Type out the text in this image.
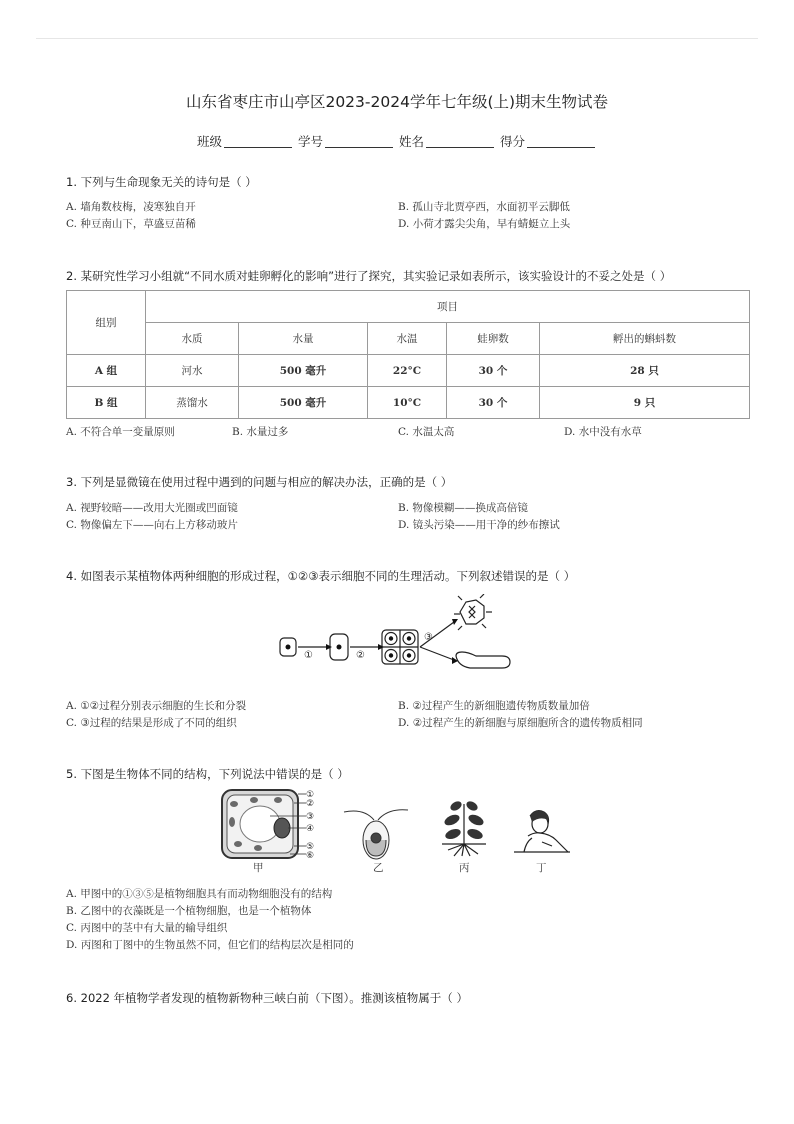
山东省枣庄市山亭区2023-2024学年七年级(上)期末生物试卷
班级	学号	姓名	得分
1. 下列与生命现象无关的诗句是（ ）
A. 墙角数枝梅，凌寒独自开	B. 孤山寺北贾亭西，水面初平云脚低
C. 种豆南山下，草盛豆苗稀	D. 小荷才露尖尖角，早有蜻蜓立上头
2. 某研究性学习小组就“不同水质对蛙卵孵化的影响”进行了探究，其实验记录如表所示，该实验设计的不妥之处是（ ）
组别	项目				
	水质	水量	水温	蛙卵数	孵出的蝌蚪数
A 组	河水	500 毫升	22°C	30 个	28 只
B 组	蒸馏水	500 毫升	10°C	30 个	9 只
A. 不符合单一变量原则	B. 水量过多	C. 水温太高	D. 水中没有水草
3. 下列是显微镜在使用过程中遇到的问题与相应的解决办法，正确的是（ ）
A. 视野较暗——改用大光圈或凹面镜	B. 物像模糊——换成高倍镜
C. 物像偏左下——向右上方移动玻片	D. 镜头污染——用干净的纱布擦试
4. 如图表示某植物体两种细胞的形成过程，①②③表示细胞不同的生理活动。下列叙述错误的是（ ）
①	②
③
A. ①②过程分别表示细胞的生长和分裂	B. ②过程产生的新细胞遗传物质数量加倍
C. ③过程的结果是形成了不同的组织	D. ②过程产生的新细胞与原细胞所含的遗传物质相同
5. 下图是生物体不同的结构，下列说法中错误的是（ ）
①
②
③
④
⑤
⑥
甲	乙	丙	丁
A. 甲图中的①③⑤是植物细胞具有而动物细胞没有的结构
B. 乙图中的衣藻既是一个植物细胞，也是一个植物体
C. 丙图中的茎中有大量的输导组织
D. 丙图和丁图中的生物虽然不同，但它们的结构层次是相同的
6. 2022 年植物学者发现的植物新物种三峡白前（下图）。推测该植物属于（ ）
